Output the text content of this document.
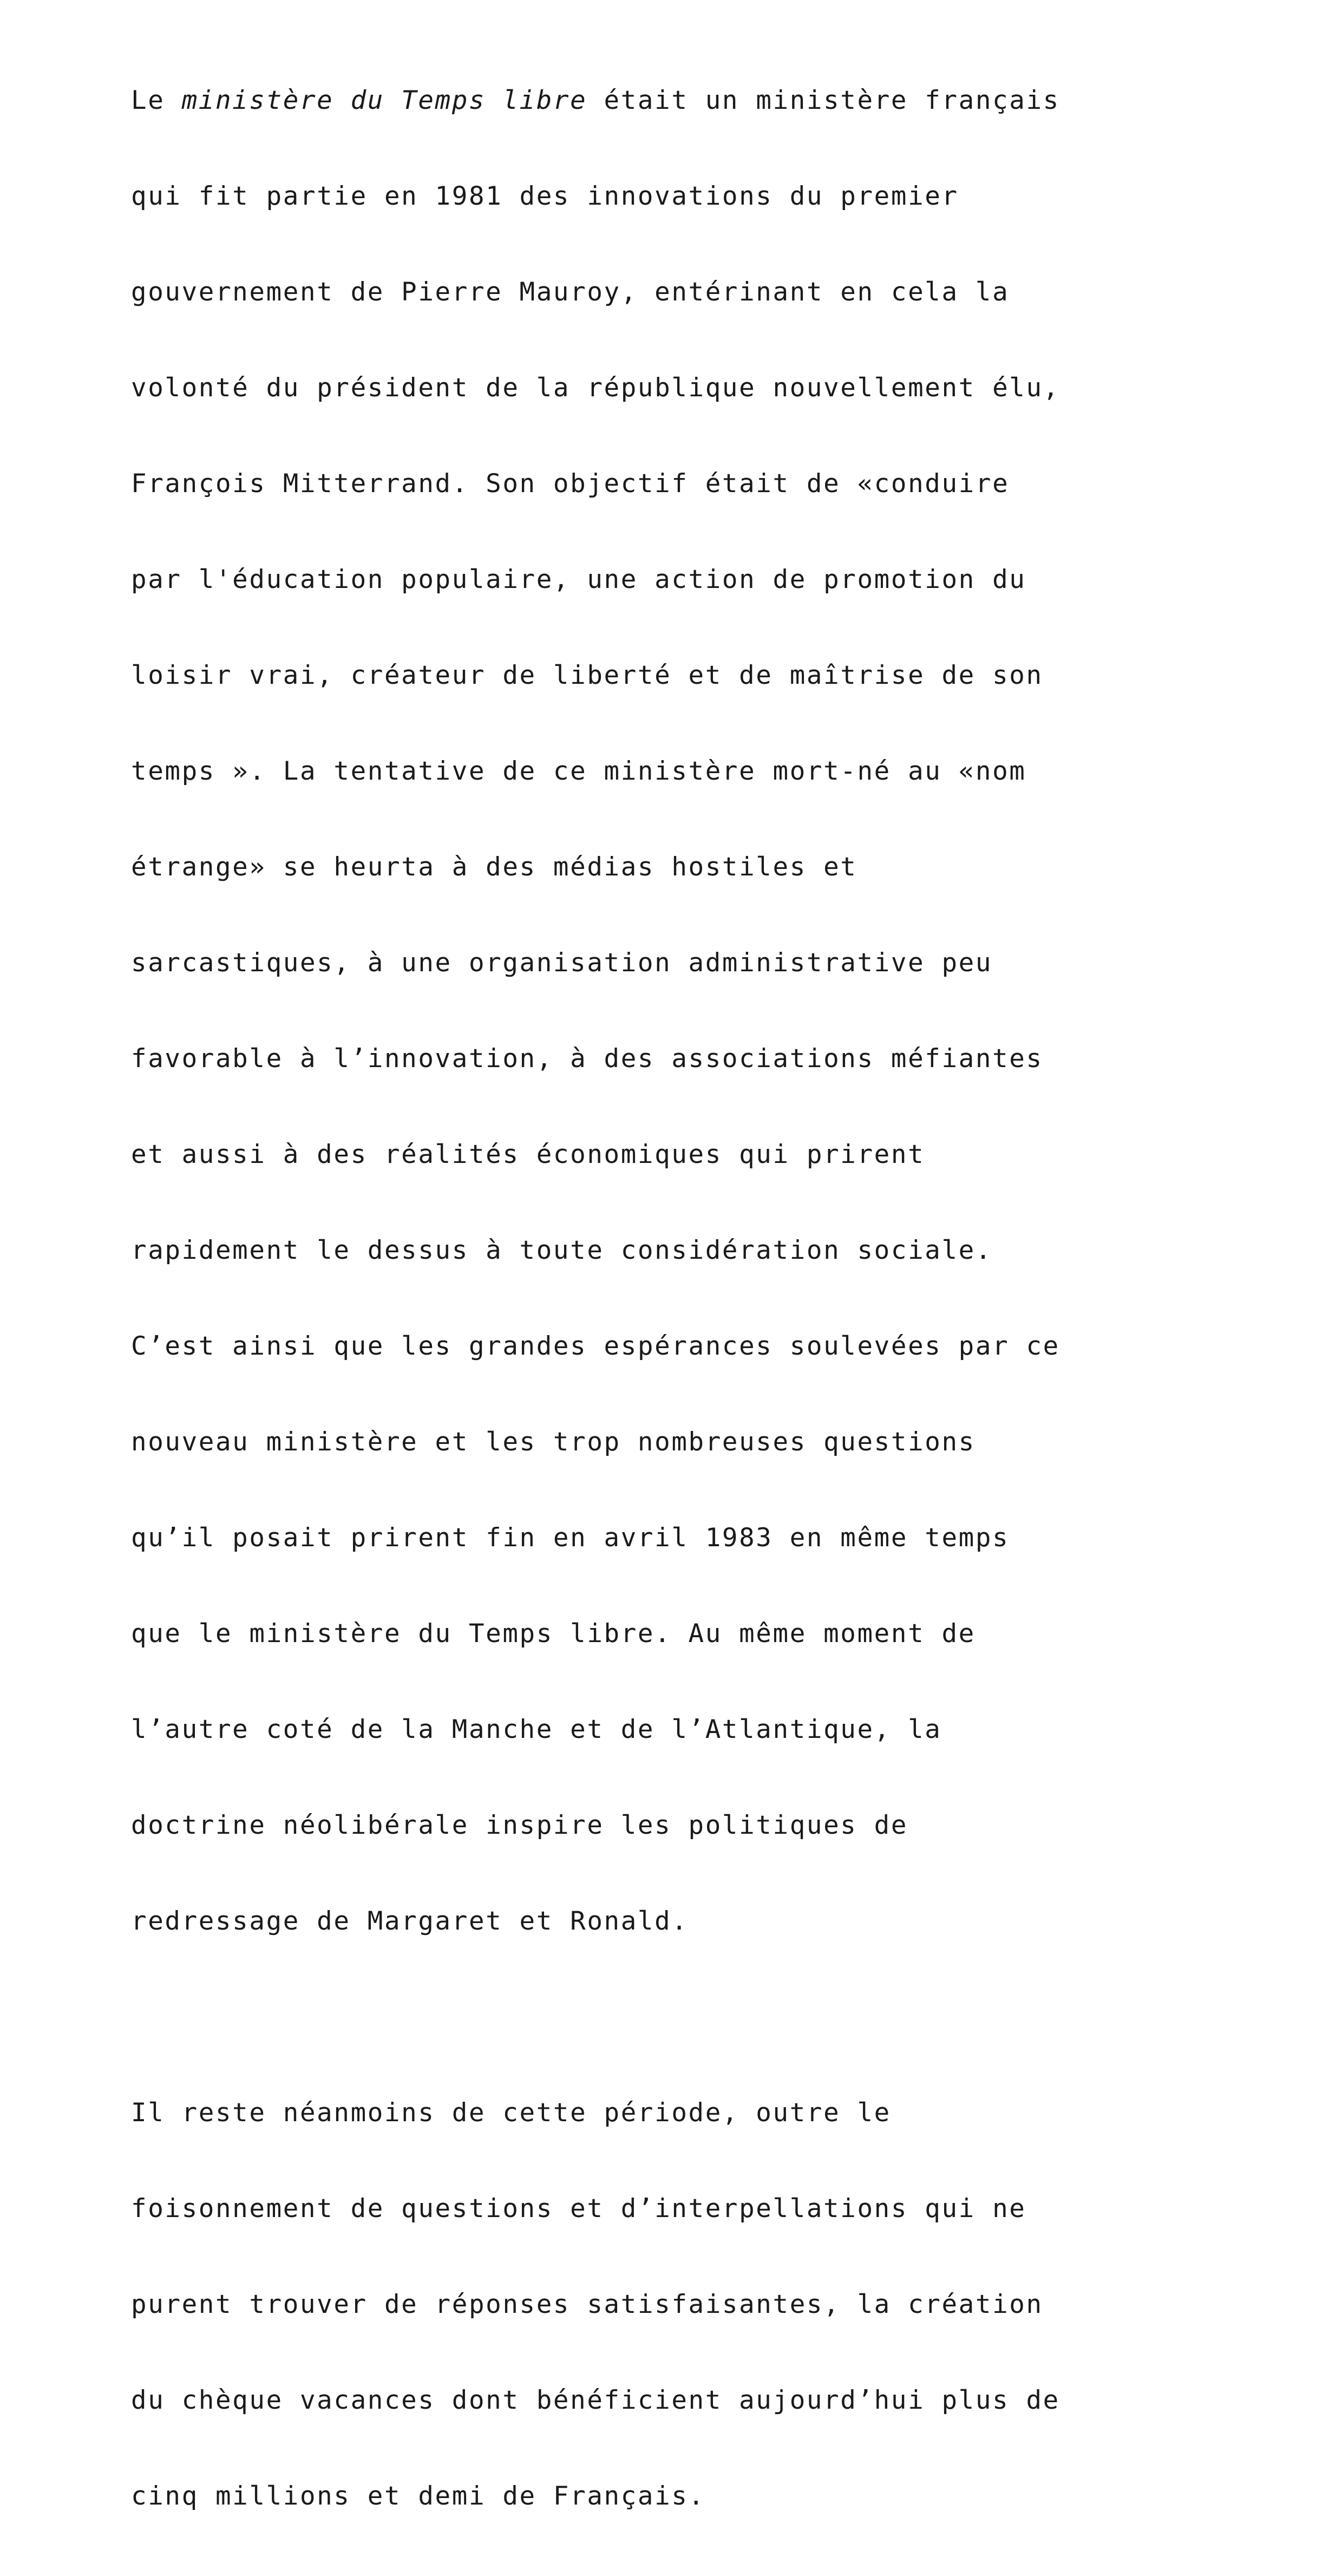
Le ministère du Temps libre était un ministère français

qui fit partie en 1981 des innovations du premier

gouvernement de Pierre Mauroy, entérinant en cela la

volonté du président de la république nouvellement élu,

François Mitterrand. Son objectif était de «conduire

par l'éducation populaire, une action de promotion du

loisir vrai, créateur de liberté et de maîtrise de son

temps ». La tentative de ce ministère mort-né au «nom

étrange» se heurta à des médias hostiles et

sarcastiques, à une organisation administrative peu

favorable à l’innovation, à des associations méfiantes

et aussi à des réalités économiques qui prirent

rapidement le dessus à toute considération sociale.

C’est ainsi que les grandes espérances soulevées par ce

nouveau ministère et les trop nombreuses questions

qu’il posait prirent fin en avril 1983 en même temps

que le ministère du Temps libre. Au même moment de

l’autre coté de la Manche et de l’Atlantique, la

doctrine néolibérale inspire les politiques de

redressage de Margaret et Ronald.

Il reste néanmoins de cette période, outre le

foisonnement de questions et d’interpellations qui ne

purent trouver de réponses satisfaisantes, la création

du chèque vacances dont bénéficient aujourd’hui plus de

cinq millions et demi de Français.
